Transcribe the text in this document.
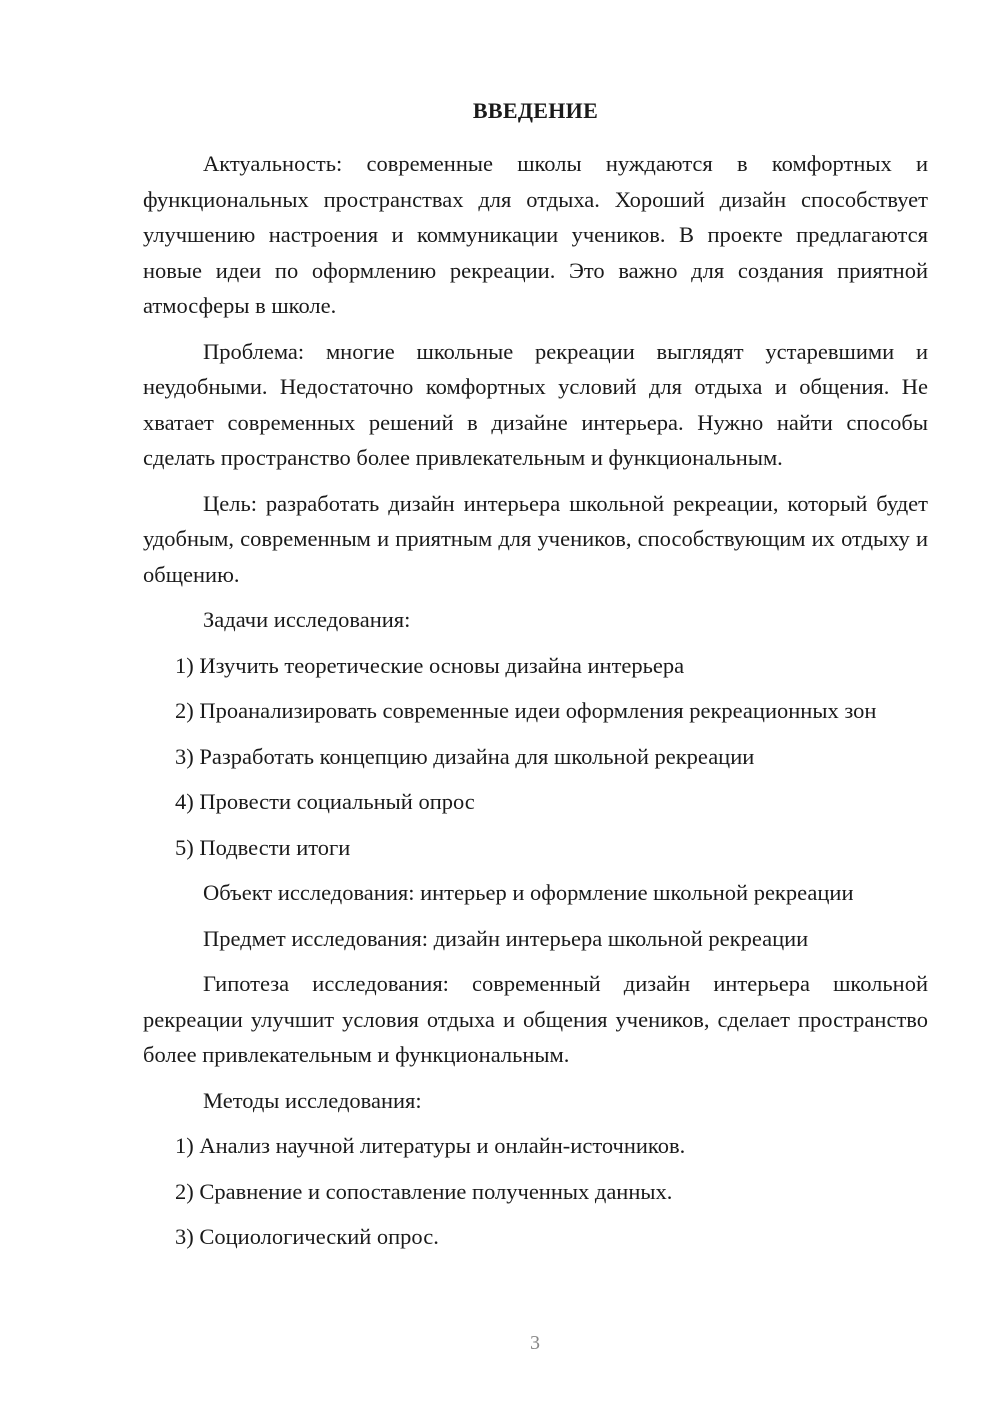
ВВЕДЕНИЕ

Актуальность: современные школы нуждаются в комфортных и функциональных пространствах для отдыха. Хороший дизайн способствует улучшению настроения и коммуникации учеников. В проекте предлагаются новые идеи по оформлению рекреации. Это важно для создания приятной атмосферы в школе.

Проблема: многие школьные рекреации выглядят устаревшими и неудобными. Недостаточно комфортных условий для отдыха и общения. Не хватает современных решений в дизайне интерьера. Нужно найти способы сделать пространство более привлекательным и функциональным.

Цель: разработать дизайн интерьера школьной рекреации, который будет удобным, современным и приятным для учеников, способствующим их отдыху и общению.

Задачи исследования:

1) Изучить теоретические основы дизайна интерьера

2) Проанализировать современные идеи оформления рекреационных зон

3) Разработать концепцию дизайна для школьной рекреации

4) Провести социальный опрос

5) Подвести итоги

Объект исследования: интерьер и оформление школьной рекреации

Предмет исследования: дизайн интерьера школьной рекреации

Гипотеза исследования: современный дизайн интерьера школьной рекреации улучшит условия отдыха и общения учеников, сделает пространство более привлекательным и функциональным.

Методы исследования:

1) Анализ научной литературы и онлайн-источников.

2) Сравнение и сопоставление полученных данных.

3) Социологический опрос.

3
